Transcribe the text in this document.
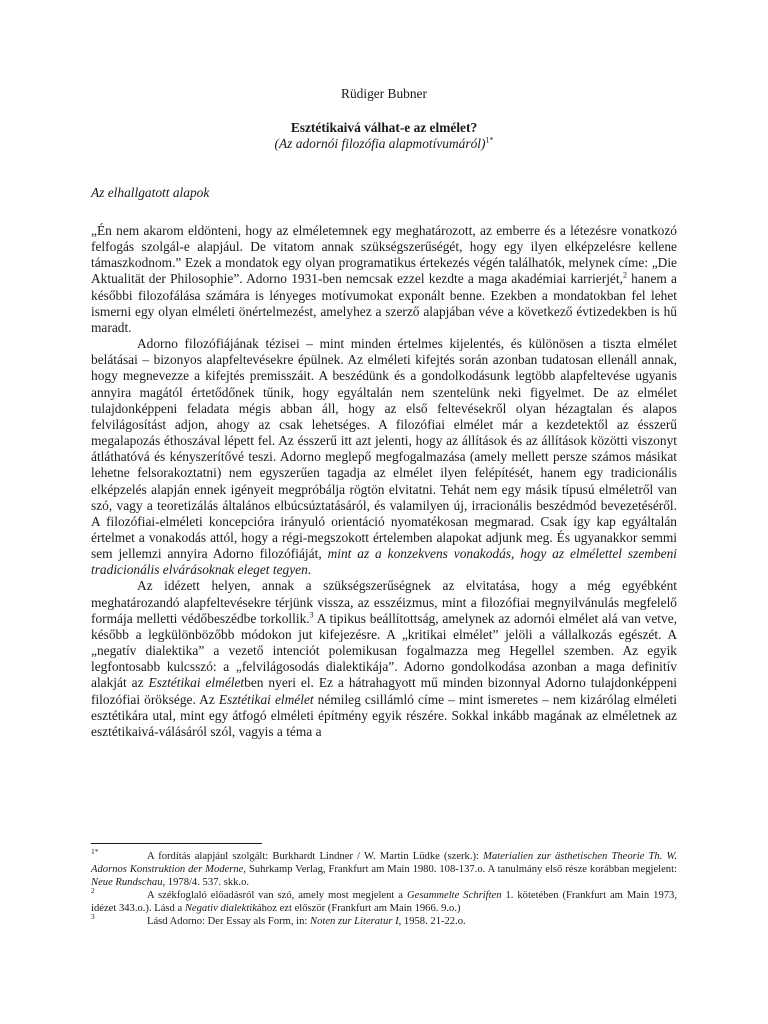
Rüdiger Bubner
Esztétikaivá válhat-e az elmélet?
(Az adornói filozófia alapmotívumáról)$^{1*}$
Az elhallgatott alapok

„Én nem akarom eldönteni, hogy az elméletemnek egy meghatározott, az emberre és a létezésre vonatkozó felfogás szolgál-e alapjául. De vitatom annak szükségszerűségét, hogy egy ilyen elképzelésre kellene támaszkodnom.” Ezek a mondatok egy olyan programatikus értekezés végén találhatók, melynek címe: „Die Aktualität der Philosophie”. Adorno 1931-ben nemcsak ezzel kezdte a maga akadémiai karrierjét,$^2$ hanem a későbbi filozofálása számára is lényeges motívumokat exponált benne. Ezekben a mondatokban fel lehet ismerni egy olyan elméleti önértelmezést, amelyhez a szerző alapjában véve a következő évtizedekben is hű maradt.

Adorno filozófiájának tézisei – mint minden értelmes kijelentés, és különösen a tiszta elmélet belátásai – bizonyos alapfeltevésekre épülnek. Az elméleti kifejtés során azonban tudatosan ellenáll annak, hogy megnevezze a kifejtés premisszáit. A beszédünk és a gondolkodásunk legtöbb alapfeltevése ugyanis annyira magától értetődőnek tűnik, hogy egyáltalán nem szentelünk neki figyelmet. De az elmélet tulajdonképpeni feladata mégis abban áll, hogy az első feltevésekről olyan hézagtalan és alapos felvilágosítást adjon, ahogy az csak lehetséges. A filozófiai elmélet már a kezdetektől az ésszerű megalapozás éthoszával lépett fel. Az ésszerű itt azt jelenti, hogy az állítások és az állítások közötti viszonyt átláthatóvá és kényszerítővé teszi. Adorno meglepő megfogalmazása (amely mellett persze számos másikat lehetne felsorakoztatni) nem egyszerűen tagadja az elmélet ilyen felépítését, hanem egy tradicionális elképzelés alapján ennek igényeit megpróbálja rögtön elvitatni. Tehát nem egy másik típusú elméletről van szó, vagy a teoretizálás általános elbúcsúztatásáról, és valamilyen új, irracionális beszédmód bevezetéséről. A filozófiai-elméleti koncepcióra irányuló orientáció nyomatékosan megmarad. Csak így kap egyáltalán értelmet a vonakodás attól, hogy a régi-megszokott értelemben alapokat adjunk meg. És ugyanakkor semmi sem jellemzi annyira Adorno filozófiáját, mint az a konzekvens vonakodás, hogy az elmélettel szembeni tradicionális elvárásoknak eleget tegyen.

Az idézett helyen, annak a szükségszerűségnek az elvitatása, hogy a még egyébként meghatározandó alapfeltevésekre térjünk vissza, az esszéizmus, mint a filozófiai megnyilvánulás megfelelő formája melletti védőbeszédbe torkollik.$^3$ A tipikus beállítottság, amelynek az adornói elmélet alá van vetve, később a legkülönbözőbb módokon jut kifejezésre. A „kritikai elmélet” jelöli a vállalkozás egészét. A „negatív dialektika” a vezető intenciót polemikusan fogalmazza meg Hegellel szemben. Az egyik legfontosabb kulcsszó: a „felvilágosodás dialektikája”. Adorno gondolkodása azonban a maga definitív alakját az Esztétikai elméletben nyeri el. Ez a hátrahagyott mű minden bizonnyal Adorno tulajdonképpeni filozófiai öröksége. Az Esztétikai elmélet némileg csillámló címe – mint ismeretes – nem kizárólag elméleti esztétikára utal, mint egy átfogó elméleti építmény egyik részére. Sokkal inkább magának az elméletnek az esztétikaivá-válásáról szól, vagyis a téma a

1*	A fordítás alapjául szolgált: Burkhardt Lindner / W. Martin Lüdke (szerk.): Materialien zur ästhetischen Theorie Th. W. Adornos Konstruktion der Moderne, Suhrkamp Verlag, Frankfurt am Main 1980. 108-137.o. A tanulmány első része korábban megjelent: Neue Rundschau, 1978/4. 537. skk.o.

2	A székfoglaló előadásról van szó, amely most megjelent a Gesammelte Schriften 1. kötetében (Frankfurt am Main 1973, idézet 343.o.). Lásd a Negativ dialektikához ezt először (Frankfurt am Main 1966. 9.o.)

3	Lásd Adorno: Der Essay als Form, in: Noten zur Literatur I, 1958. 21-22.o.
